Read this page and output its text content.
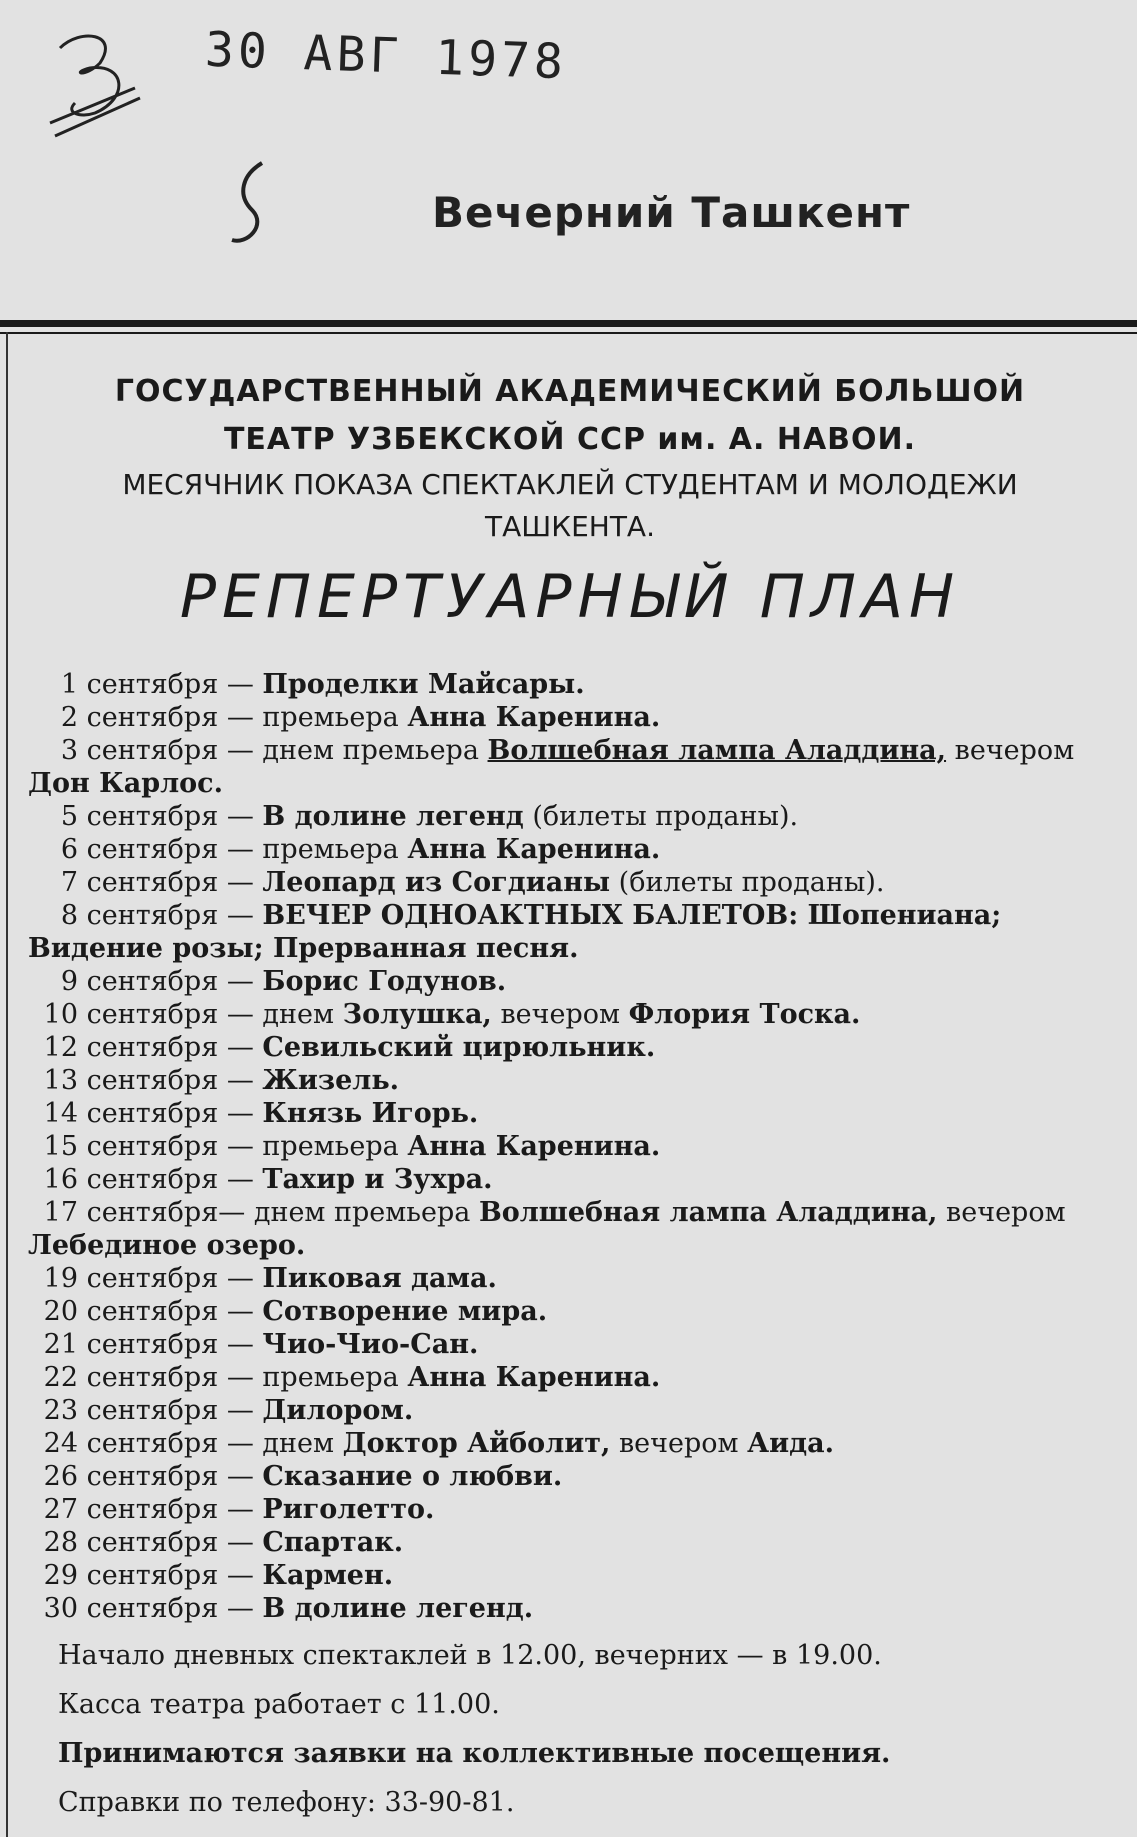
30 АВГ 1978
Вечерний Ташкент
ГОСУДАРСТВЕННЫЙ АКАДЕМИЧЕСКИЙ БОЛЬШОЙ
ТЕАТР УЗБЕКСКОЙ ССР им. А. НАВОИ.
МЕСЯЧНИК ПОКАЗА СПЕКТАКЛЕЙ СТУДЕНТАМ И МОЛОДЕЖИ
ТАШКЕНТА.
РЕПЕРТУАРНЫЙ ПЛАН
1 сентября — Проделки Майсары.
2 сентября — премьера Анна Каренина.
3 сентября — днем премьера Волшебная лампа Аладдина, вечером Дон Карлос.
5 сентября — В долине легенд (билеты проданы).
6 сентября — премьера Анна Каренина.
7 сентября — Леопард из Согдианы (билеты проданы).
8 сентября — ВЕЧЕР ОДНОАКТНЫХ БАЛЕТОВ: Шопениана; Видение розы; Прерванная песня.
9 сентября — Борис Годунов.
10 сентября — днем Золушка, вечером Флория Тоска.
12 сентября — Севильский цирюльник.
13 сентября — Жизель.
14 сентября — Князь Игорь.
15 сентября — премьера Анна Каренина.
16 сентября — Тахир и Зухра.
17 сентября— днем премьера Волшебная лампа Аладдина, вечером Лебединое озеро.
19 сентября — Пиковая дама.
20 сентября — Сотворение мира.
21 сентября — Чио-Чио-Сан.
22 сентября — премьера Анна Каренина.
23 сентября — Дилором.
24 сентября — днем Доктор Айболит, вечером Аида.
26 сентября — Сказание о любви.
27 сентября — Риголетто.
28 сентября — Спартак.
29 сентября — Кармен.
30 сентября — В долине легенд.
Начало дневных спектаклей в 12.00, вечерних — в 19.00.
Касса театра работает с 11.00.
Принимаются заявки на коллективные посещения.
Справки по телефону: 33-90-81.
